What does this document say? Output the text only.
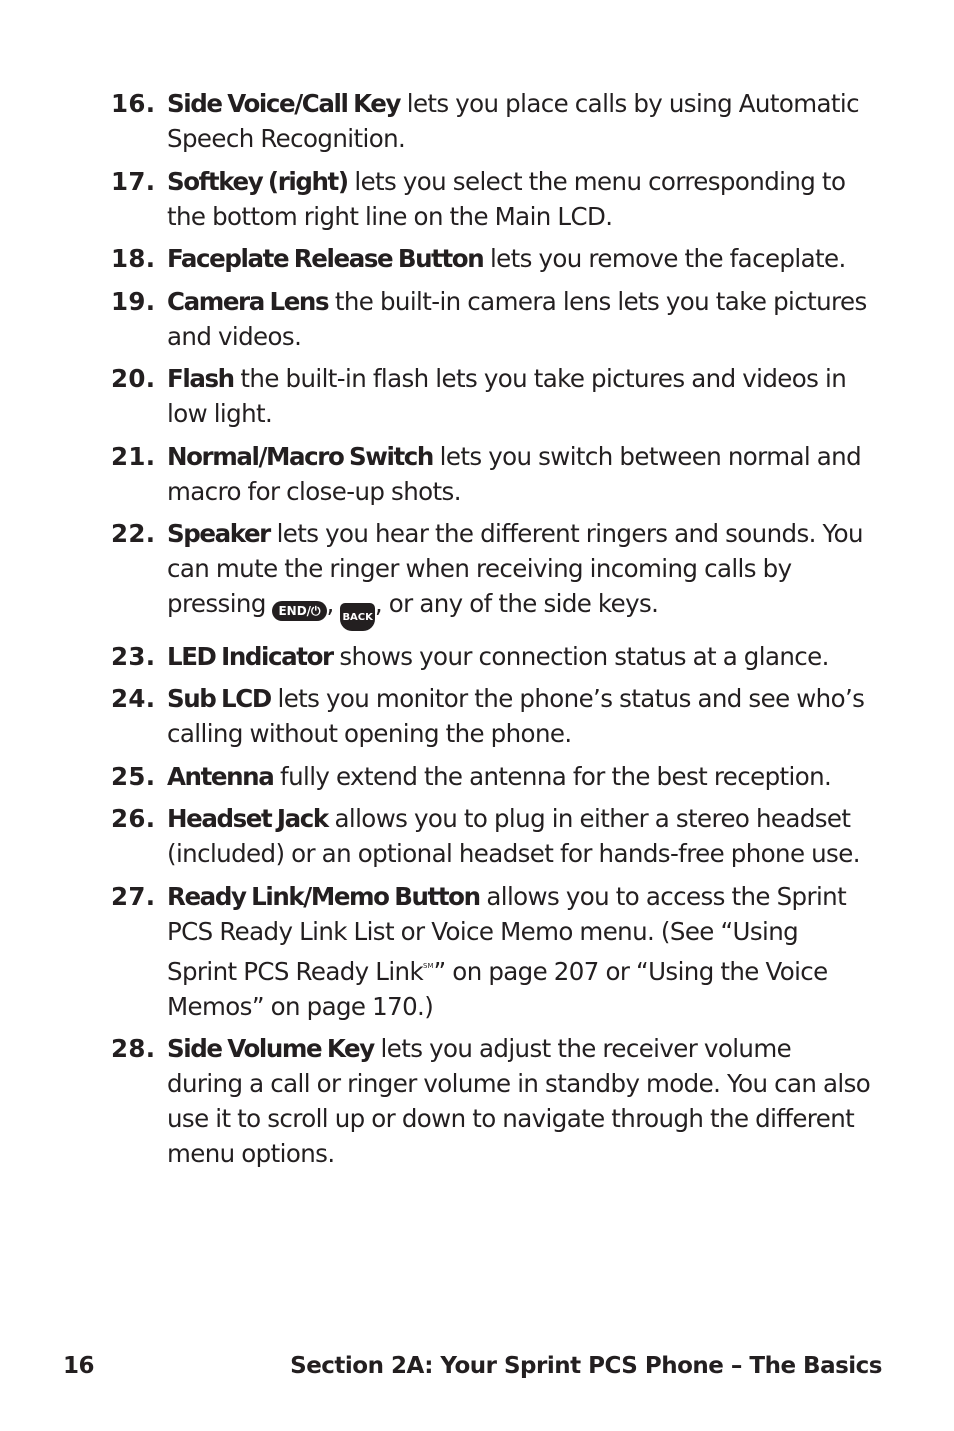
16. Side Voice/Call Key lets you place calls by using Automatic Speech Recognition.
17. Softkey (right) lets you select the menu corresponding to the bottom right line on the Main LCD.
18. Faceplate Release Button lets you remove the faceplate.
19. Camera Lens the built-in camera lens lets you take pictures and videos.
20. Flash the built-in flash lets you take pictures and videos in low light.
21. Normal/Macro Switch lets you switch between normal and macro for close-up shots.
22. Speaker lets you hear the different ringers and sounds. You can mute the ringer when receiving incoming calls by pressing END/⏻ , BACK, or any of the side keys.
23. LED Indicator shows your connection status at a glance.
24. Sub LCD lets you monitor the phone’s status and see who’s calling without opening the phone.
25. Antenna fully extend the antenna for the best reception.
26. Headset Jack allows you to plug in either a stereo headset (included) or an optional headset for hands-free phone use.
27. Ready Link/Memo Button allows you to access the Sprint PCS Ready Link List or Voice Memo menu. (See “Using Sprint PCS Ready Link℠” on page 207 or “Using the Voice Memos” on page 170.)
28. Side Volume Key lets you adjust the receiver volume during a call or ringer volume in standby mode. You can also use it to scroll up or down to navigate through the different menu options.
16	Section 2A: Your Sprint PCS Phone – The Basics
